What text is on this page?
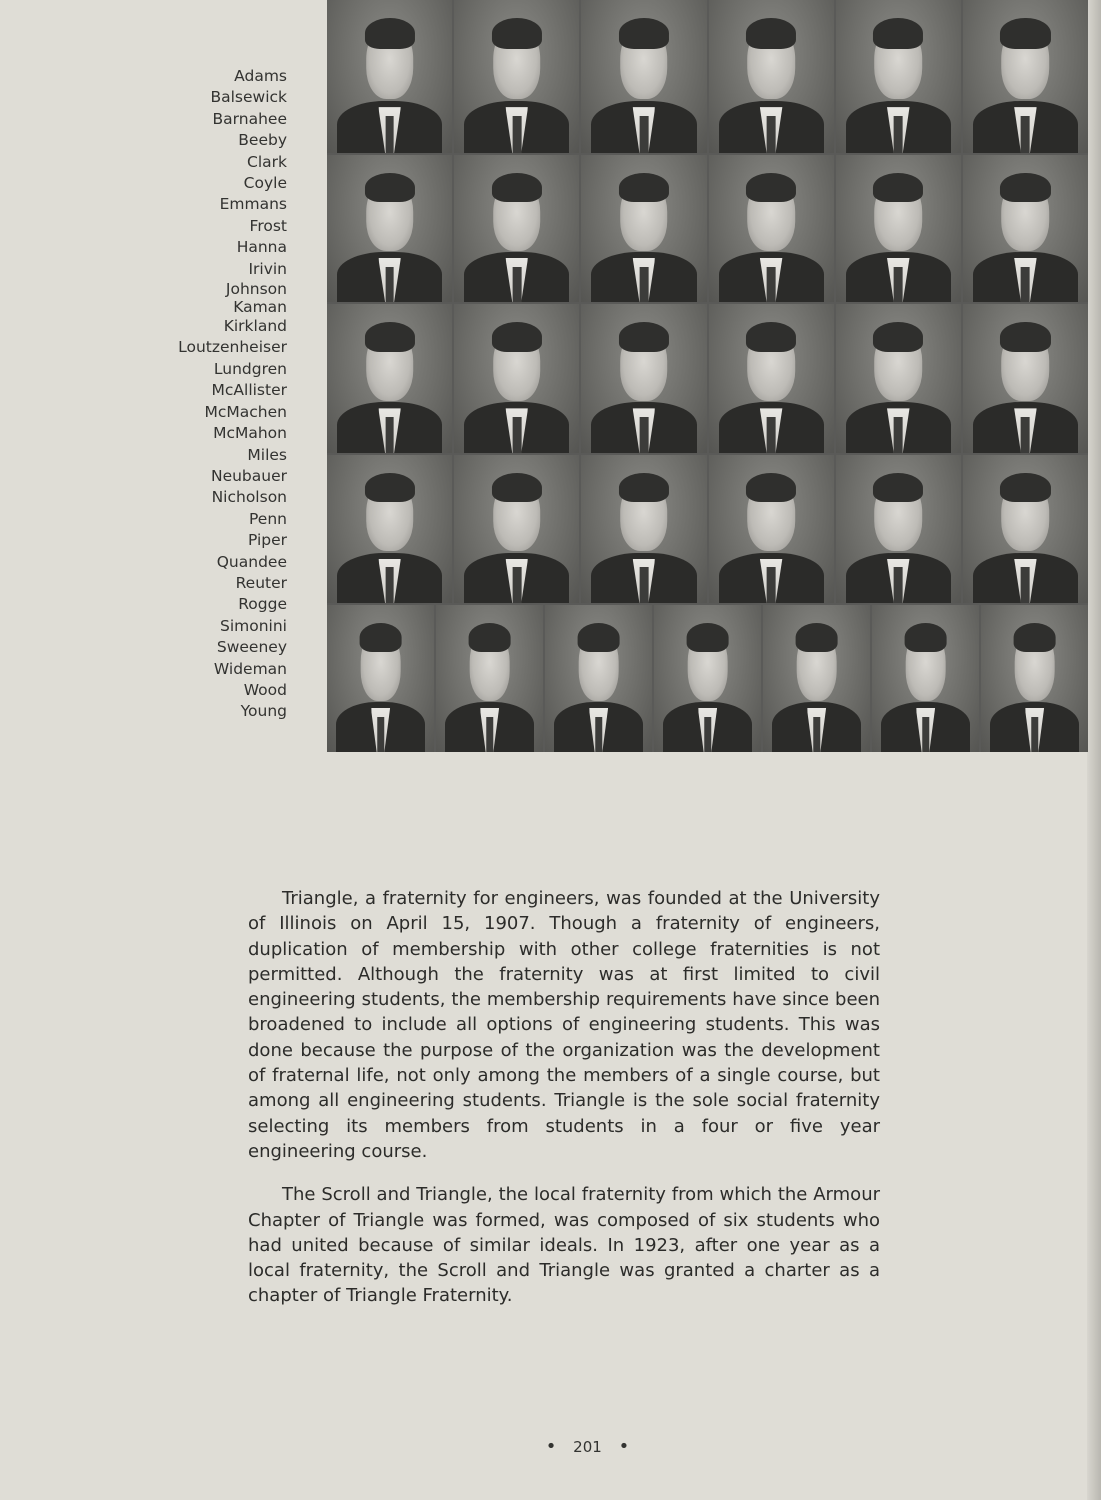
Adams
Balsewick
Barnahee
Beeby
Clark
Coyle
Emmans
Frost
Hanna
Irivin
Johnson
Kaman
Kirkland
Loutzenheiser
Lundgren
McAllister
McMachen
McMahon
Miles
Neubauer
Nicholson
Penn
Piper
Quandee
Reuter
Rogge
Simonini
Sweeney
Wideman
Wood
Young

Triangle, a fraternity for engineers, was founded at the University of Illinois on April 15, 1907. Though a fraternity of engineers, duplication of membership with other college fraternities is not permitted. Although the fraternity was at first limited to civil engineering students, the membership requirements have since been broadened to include all options of engineering students. This was done because the purpose of the organization was the development of fraternal life, not only among the members of a single course, but among all engineering students. Triangle is the sole social fraternity selecting its members from students in a four or five year engineering course.

The Scroll and Triangle, the local fraternity from which the Armour Chapter of Triangle was formed, was composed of six students who had united because of similar ideals. In 1923, after one year as a local fraternity, the Scroll and Triangle was granted a charter as a chapter of Triangle Fraternity.

• 201 •
